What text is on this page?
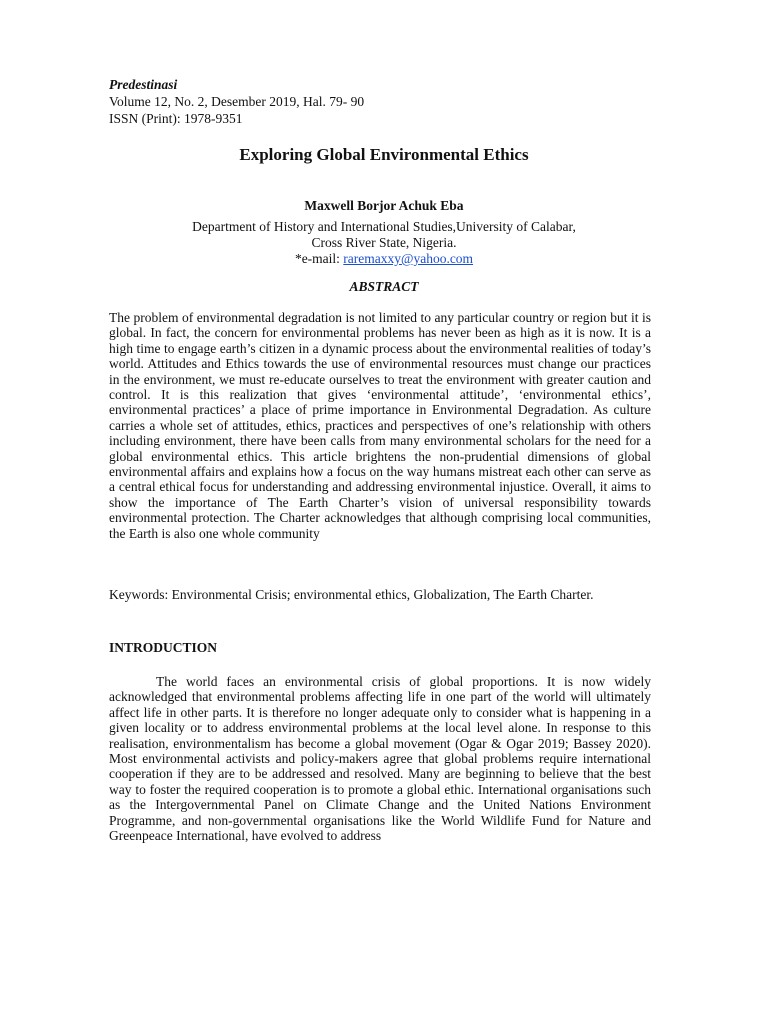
Predestinasi
Volume 12, No. 2, Desember 2019, Hal. 79- 90
ISSN (Print): 1978-9351
Exploring Global Environmental Ethics
Maxwell Borjor Achuk Eba
Department of History and International Studies,University of Calabar,
Cross River State, Nigeria.
*e-mail: raremaxxy@yahoo.com
ABSTRACT
The problem of environmental degradation is not limited to any particular country or region but it is global. In fact, the concern for environmental problems has never been as high as it is now. It is a high time to engage earth’s citizen in a dynamic process about the environmental realities of today’s world. Attitudes and Ethics towards the use of environmental resources must change our practices in the environment, we must re-educate ourselves to treat the environment with greater caution and control. It is this realization that gives ‘environmental attitude’, ‘environmental ethics’, environmental practices’ a place of prime importance in Environmental Degradation. As culture carries a whole set of attitudes, ethics, practices and perspectives of one’s relationship with others including environment, there have been calls from many environmental scholars for the need for a global environmental ethics. This article brightens the non-prudential dimensions of global environmental affairs and explains how a focus on the way humans mistreat each other can serve as a central ethical focus for understanding and addressing environmental injustice. Overall, it aims to show the importance of The Earth Charter’s vision of universal responsibility towards environmental protection. The Charter acknowledges that although comprising local communities, the Earth is also one whole community
Keywords: Environmental Crisis; environmental ethics, Globalization, The Earth Charter.
INTRODUCTION
The world faces an environmental crisis of global proportions. It is now widely acknowledged that environmental problems affecting life in one part of the world will ultimately affect life in other parts. It is therefore no longer adequate only to consider what is happening in a given locality or to address environmental problems at the local level alone. In response to this realisation, environmentalism has become a global movement (Ogar & Ogar 2019; Bassey 2020). Most environmental activists and policy-makers agree that global problems require international cooperation if they are to be addressed and resolved. Many are beginning to believe that the best way to foster the required cooperation is to promote a global ethic. International organisations such as the Intergovernmental Panel on Climate Change and the United Nations Environment Programme, and non-governmental organisations like the World Wildlife Fund for Nature and Greenpeace International, have evolved to address
